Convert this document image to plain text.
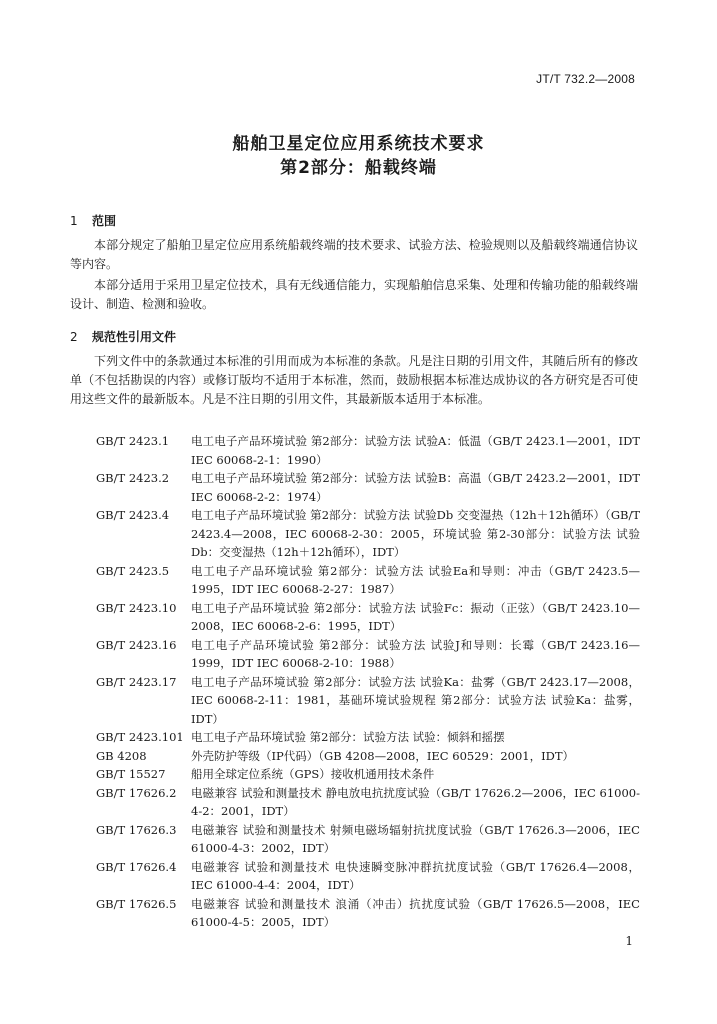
JT/T 732.2—2008
船舶卫星定位应用系统技术要求
第2部分：船载终端
1 范围
本部分规定了船舶卫星定位应用系统船载终端的技术要求、试验方法、检验规则以及船载终端通信协议等内容。
本部分适用于采用卫星定位技术，具有无线通信能力，实现船舶信息采集、处理和传输功能的船载终端设计、制造、检测和验收。
2 规范性引用文件
下列文件中的条款通过本标准的引用而成为本标准的条款。凡是注日期的引用文件，其随后所有的修改单（不包括勘误的内容）或修订版均不适用于本标准，然而，鼓励根据本标准达成协议的各方研究是否可使用这些文件的最新版本。凡是不注日期的引用文件，其最新版本适用于本标准。
GB/T 2423.1	电工电子产品环境试验 第2部分：试验方法 试验A：低温（GB/T 2423.1—2001，IDT IEC 60068-2-1：1990）
GB/T 2423.2	电工电子产品环境试验 第2部分：试验方法 试验B：高温（GB/T 2423.2—2001，IDT IEC 60068-2-2：1974）
GB/T 2423.4	电工电子产品环境试验 第2部分：试验方法 试验Db 交变湿热（12h＋12h循环）（GB/T 2423.4—2008，IEC 60068-2-30：2005，环境试验 第2-30部分：试验方法 试验Db：交变湿热（12h＋12h循环），IDT）
GB/T 2423.5	电工电子产品环境试验 第2部分：试验方法 试验Ea和导则：冲击（GB/T 2423.5—1995，IDT IEC 60068-2-27：1987）
GB/T 2423.10	电工电子产品环境试验 第2部分：试验方法 试验Fc：振动（正弦）（GB/T 2423.10—2008，IEC 60068-2-6：1995，IDT）
GB/T 2423.16	电工电子产品环境试验 第2部分：试验方法 试验J和导则：长霉（GB/T 2423.16—1999，IDT IEC 60068-2-10：1988）
GB/T 2423.17	电工电子产品环境试验 第2部分：试验方法 试验Ka：盐雾（GB/T 2423.17—2008，IEC 60068-2-11：1981，基础环境试验规程 第2部分：试验方法 试验Ka：盐雾，IDT）
GB/T 2423.101 电工电子产品环境试验 第2部分：试验方法 试验：倾斜和摇摆
GB 4208	外壳防护等级（IP代码）（GB 4208—2008，IEC 60529：2001，IDT）
GB/T 15527	船用全球定位系统（GPS）接收机通用技术条件
GB/T 17626.2	电磁兼容 试验和测量技术 静电放电抗扰度试验（GB/T 17626.2—2006，IEC 61000-4-2：2001，IDT）
GB/T 17626.3	电磁兼容 试验和测量技术 射频电磁场辐射抗扰度试验（GB/T 17626.3—2006，IEC 61000-4-3：2002，IDT）
GB/T 17626.4	电磁兼容 试验和测量技术 电快速瞬变脉冲群抗扰度试验（GB/T 17626.4—2008，IEC 61000-4-4：2004，IDT）
GB/T 17626.5	电磁兼容 试验和测量技术 浪涌（冲击）抗扰度试验（GB/T 17626.5—2008，IEC 61000-4-5：2005，IDT）
1
